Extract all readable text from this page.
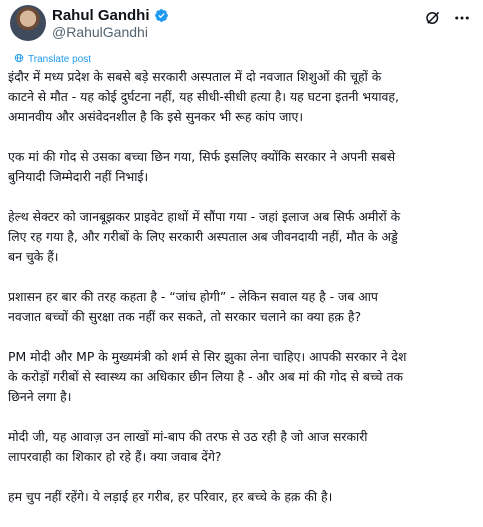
Rahul Gandhi
@RahulGandhi
Translate post

इंदौर में मध्य प्रदेश के सबसे बड़े सरकारी अस्पताल में दो नवजात शिशुओं की चूहों के
काटने से मौत - यह कोई दुर्घटना नहीं, यह सीधी-सीधी हत्या है। यह घटना इतनी भयावह,
अमानवीय और असंवेदनशील है कि इसे सुनकर भी रूह कांप जाए।

एक मां की गोद से उसका बच्चा छिन गया, सिर्फ इसलिए क्योंकि सरकार ने अपनी सबसे
बुनियादी जिम्मेदारी नहीं निभाई।

हेल्थ सेक्टर को जानबूझकर प्राइवेट हाथों में सौंपा गया - जहां इलाज अब सिर्फ अमीरों के
लिए रह गया है, और गरीबों के लिए सरकारी अस्पताल अब जीवनदायी नहीं, मौत के अड्डे
बन चुके हैं।

प्रशासन हर बार की तरह कहता है - “जांच होगी” - लेकिन सवाल यह है - जब आप
नवजात बच्चों की सुरक्षा तक नहीं कर सकते, तो सरकार चलाने का क्या हक़ है?

PM मोदी और MP के मुख्यमंत्री को शर्म से सिर झुका लेना चाहिए। आपकी सरकार ने देश
के करोड़ों गरीबों से स्वास्थ्य का अधिकार छीन लिया है - और अब मां की गोद से बच्चे तक
छिनने लगा है।

मोदी जी, यह आवाज़ उन लाखों मां-बाप की तरफ से उठ रही है जो आज सरकारी
लापरवाही का शिकार हो रहे हैं। क्या जवाब देंगे?

हम चुप नहीं रहेंगे। ये लड़ाई हर गरीब, हर परिवार, हर बच्चे के हक़ की है।
